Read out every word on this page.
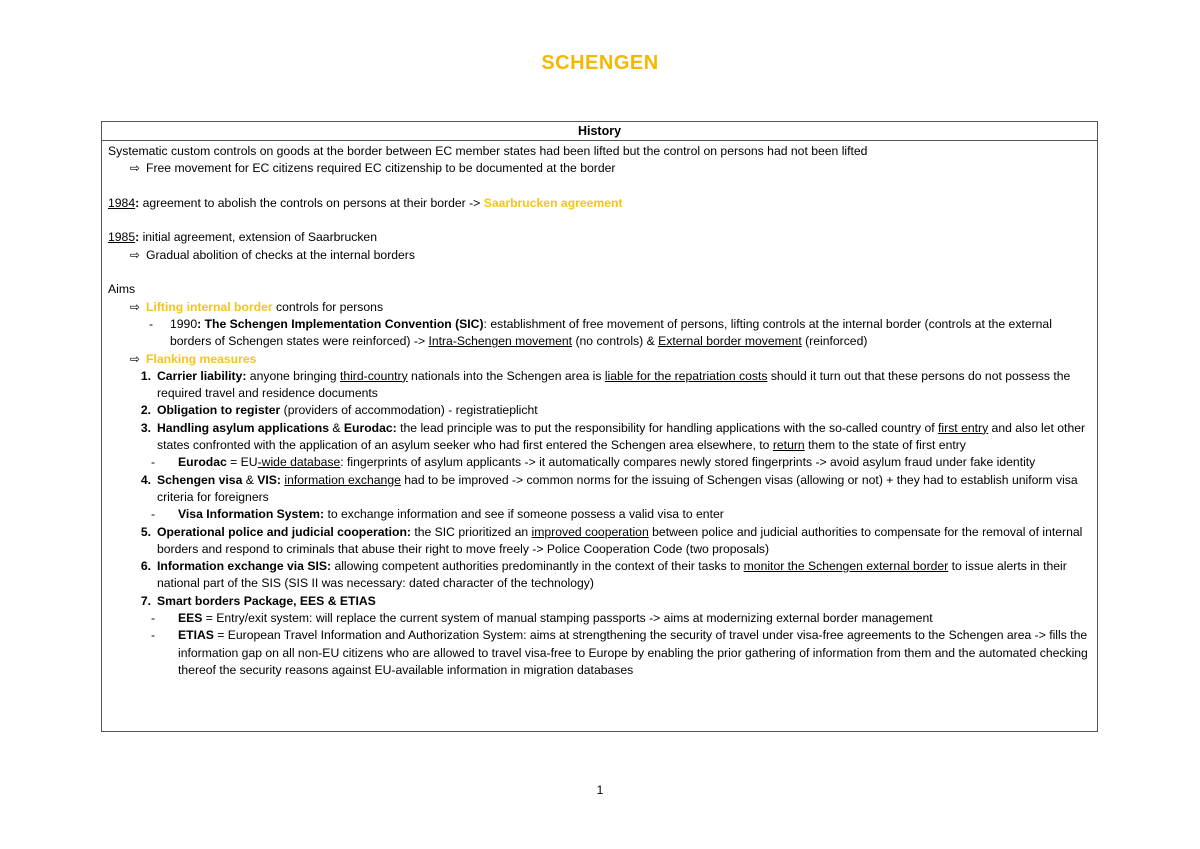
SCHENGEN
History
Systematic custom controls on goods at the border between EC member states had been lifted but the control on persons had not been lifted
⇨ Free movement for EC citizens required EC citizenship to be documented at the border
1984: agreement to abolish the controls on persons at their border -> Saarbrucken agreement
1985: initial agreement, extension of Saarbrucken
⇨ Gradual abolition of checks at the internal borders
Aims
⇨ Lifting internal border controls for persons
-	1990: The Schengen Implementation Convention (SIC): establishment of free movement of persons, lifting controls at the internal border (controls at the external borders of Schengen states were reinforced) -> Intra-Schengen movement (no controls) & External border movement (reinforced)
⇨ Flanking measures
1. Carrier liability: anyone bringing third-country nationals into the Schengen area is liable for the repatriation costs should it turn out that these persons do not possess the required travel and residence documents
2. Obligation to register (providers of accommodation) - registratieplicht
3. Handling asylum applications & Eurodac: the lead principle was to put the responsibility for handling applications with the so-called country of first entry and also let other states confronted with the application of an asylum seeker who had first entered the Schengen area elsewhere, to return them to the state of first entry
-	Eurodac = EU-wide database: fingerprints of asylum applicants -> it automatically compares newly stored fingerprints -> avoid asylum fraud under fake identity
4. Schengen visa & VIS: information exchange had to be improved -> common norms for the issuing of Schengen visas (allowing or not) + they had to establish uniform visa criteria for foreigners
-	Visa Information System: to exchange information and see if someone possess a valid visa to enter
5. Operational police and judicial cooperation: the SIC prioritized an improved cooperation between police and judicial authorities to compensate for the removal of internal borders and respond to criminals that abuse their right to move freely -> Police Cooperation Code (two proposals)
6. Information exchange via SIS: allowing competent authorities predominantly in the context of their tasks to monitor the Schengen external border to issue alerts in their national part of the SIS (SIS II was necessary: dated character of the technology)
7. Smart borders Package, EES & ETIAS
-	EES = Entry/exit system: will replace the current system of manual stamping passports -> aims at modernizing external border management
-	ETIAS = European Travel Information and Authorization System: aims at strengthening the security of travel under visa-free agreements to the Schengen area -> fills the information gap on all non-EU citizens who are allowed to travel visa-free to Europe by enabling the prior gathering of information from them and the automated checking thereof the security reasons against EU-available information in migration databases
1
